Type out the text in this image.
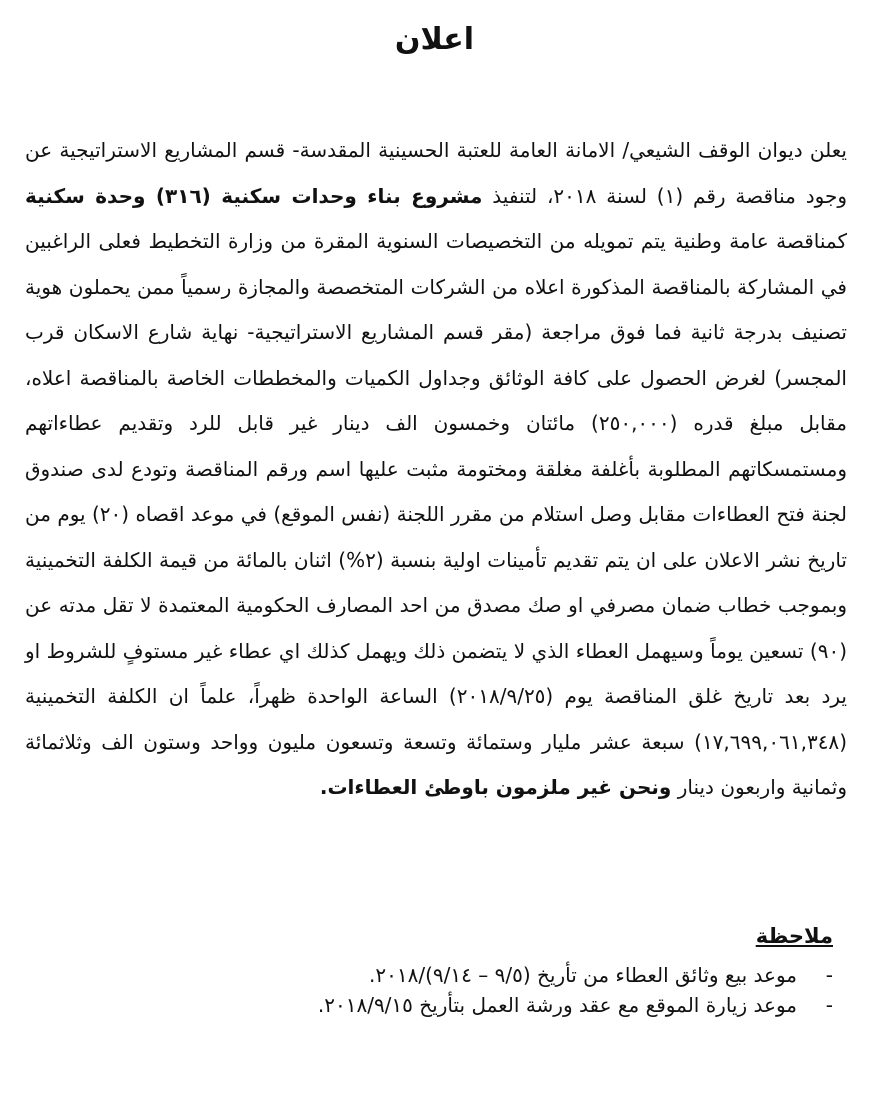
اعلان

يعلن ديوان الوقف الشيعي/ الامانة العامة للعتبة الحسينية المقدسة- قسم المشاريع الاستراتيجية عن وجود مناقصة رقم (١) لسنة ٢٠١٨، لتنفيذ مشروع بناء وحدات سكنية (٣١٦) وحدة سكنية كمناقصة عامة وطنية يتم تمويله من التخصيصات السنوية المقرة من وزارة التخطيط فعلى الراغبين في المشاركة بالمناقصة المذكورة اعلاه من الشركات المتخصصة والمجازة رسمياً ممن يحملون هوية تصنيف بدرجة ثانية فما فوق مراجعة (مقر قسم المشاريع الاستراتيجية- نهاية شارع الاسكان قرب المجسر) لغرض الحصول على كافة الوثائق وجداول الكميات والمخططات الخاصة بالمناقصة اعلاه، مقابل مبلغ قدره (٢٥٠,٠٠٠) مائتان وخمسون الف دينار غير قابل للرد وتقديم عطاءاتهم ومستمسكاتهم المطلوبة بأغلفة مغلقة ومختومة مثبت عليها اسم ورقم المناقصة وتودع لدى صندوق لجنة فتح العطاءات مقابل وصل استلام من مقرر اللجنة (نفس الموقع) في موعد اقصاه (٢٠) يوم من تاريخ نشر الاعلان على ان يتم تقديم تأمينات اولية بنسبة (٢%) اثنان بالمائة من قيمة الكلفة التخمينية وبموجب خطاب ضمان مصرفي او صك مصدق من احد المصارف الحكومية المعتمدة لا تقل مدته عن (٩٠) تسعين يوماً وسيهمل العطاء الذي لا يتضمن ذلك ويهمل كذلك اي عطاء غير مستوفٍ للشروط او يرد بعد تاريخ غلق المناقصة يوم (٢٠١٨/٩/٢٥) الساعة الواحدة ظهراً، علماً ان الكلفة التخمينية (١٧,٦٩٩,٠٦١,٣٤٨) سبعة عشر مليار وستمائة وتسعة وتسعون مليون وواحد وستون الف وثلاثمائة وثمانية واربعون دينار ونحن غير ملزمون باوطئ العطاءات.

ملاحظة
-
موعد بيع وثائق العطاء من تأريخ (٩/٥ – ٩/١٤)/٢٠١٨.
-
موعد زيارة الموقع مع عقد ورشة العمل بتأريخ ٢٠١٨/٩/١٥.
